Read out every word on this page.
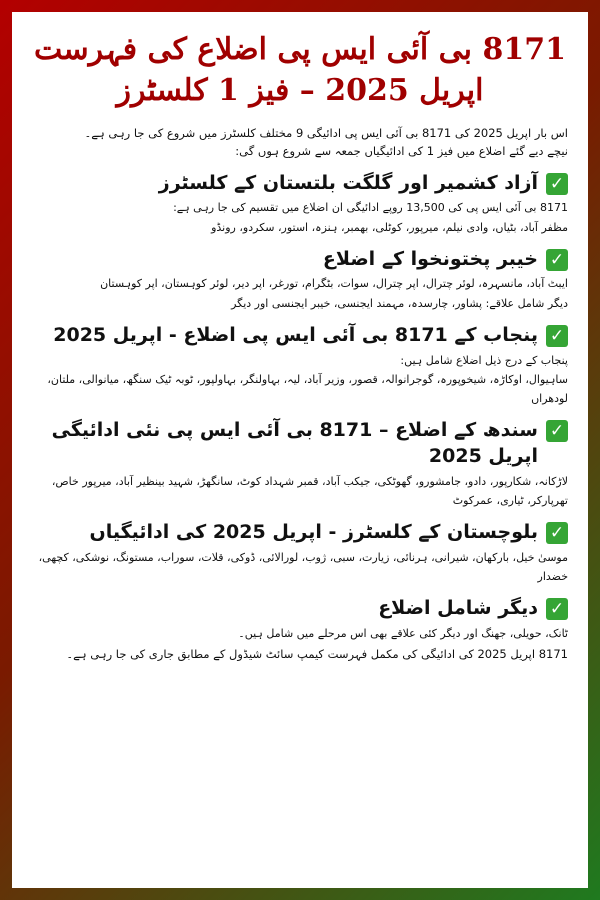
8171 بی آئی ایس پی اضلاع کی فہرست
اپریل 2025 – فیز 1 کلسٹرز
اس بار اپریل 2025 کی 8171 بی آئی ایس پی ادائیگی 9 مختلف کلسٹرز میں شروع کی جا رہی ہے۔
نیچے دیے گئے اضلاع میں فیز 1 کی ادائیگیاں جمعہ سے شروع ہوں گی:
✓
آزاد کشمیر اور گلگت بلتستان کے کلسٹرز
8171 بی آئی ایس پی کی 13,500 روپے ادائیگی ان اضلاع میں تقسیم کی جا رہی ہے:
مظفر آباد، بٹیاں، وادی نیلم، میرپور، کوٹلی، بھمبر، ہنزہ، استور، سکردو، رونڈو
✓
خیبر پختونخوا کے اضلاع
ایبٹ آباد، مانسہرہ، لوئر چترال، اپر چترال، سوات، بٹگرام، تورغر، اپر دیر، لوئر کوہستان، اپر کوہستان
دیگر شامل علاقے: پشاور، چارسدہ، مہمند ایجنسی، خیبر ایجنسی اور دیگر
✓
پنجاب کے 8171 بی آئی ایس پی اضلاع - اپریل 2025
پنجاب کے درج ذیل اضلاع شامل ہیں:
ساہیوال، اوکاڑہ، شیخوپورہ، گوجرانوالہ، قصور، وزیر آباد، لیہ، بہاولنگر، بہاولپور، ٹوبہ ٹیک سنگھ، میانوالی، ملتان،
لودھراں
✓
سندھ کے اضلاع – 8171 بی آئی ایس پی نئی ادائیگی اپریل 2025
لاڑکانہ، شکارپور، دادو، جامشورو، گھوٹکی، جیکب آباد، قمبر شہداد کوٹ، سانگھڑ، شہید بینظیر آباد، میرپور خاص،
تھرپارکر، ٹیاری، عمرکوٹ
✓
بلوچستان کے کلسٹرز - اپریل 2025 کی ادائیگیاں
موسیٰ خیل، بارکھان، شیرانی، ہرنائی، زیارت، سبی، ژوب، لورالائی، ڈوکی، قلات، سوراب، مستونگ، نوشکی، کچھی،
خضدار
✓
دیگر شامل اضلاع
ٹانک، حویلی، جھنگ اور دیگر کئی علاقے بھی اس مرحلے میں شامل ہیں۔
8171 اپریل 2025 کی ادائیگی کی مکمل فہرست کیمپ سائٹ شیڈول کے مطابق جاری کی جا رہی ہے۔
